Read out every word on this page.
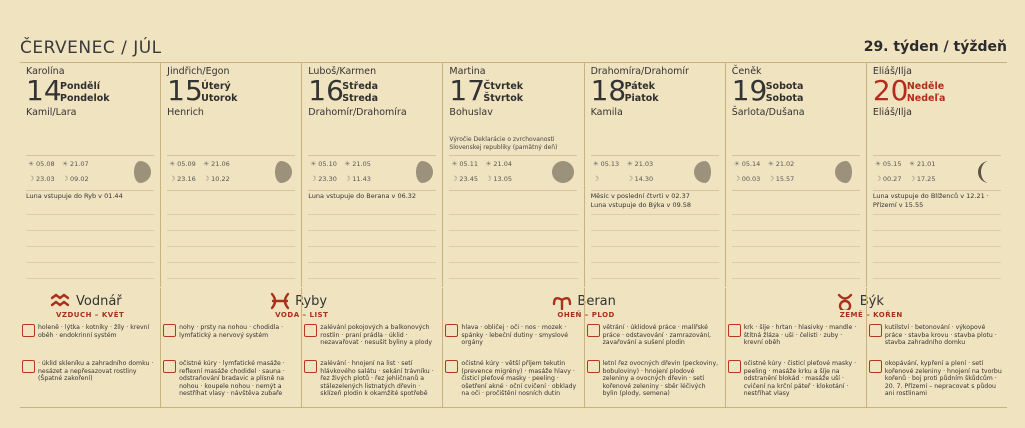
ČERVENEC / JÚL	29. týden / týždeň
Karolína
14
Pondělí
Pondelok
Kamil/Lara
☀ 05.08 ☀ 21.07
☽ 23.03 ☽ 09.02
Luna vstupuje do Ryb v 01.44
Jindřich/Egon
15
Úterý
Utorok
Henrich
☀ 05.09 ☀ 21.06
☽ 23.16 ☽ 10.22
Luboš/Karmen
16
Středa
Streda
Drahomír/Drahomíra
☀ 05.10 ☀ 21.05
☽ 23.30 ☽ 11.43
Luna vstupuje do Berana v 06.32
Martina
17
Čtvrtek
Štvrtok
Bohuslav
Výročie Deklarácie o zvrchovanosti Slovenskej republiky (pamätný deň)
☀ 05.11 ☀ 21.04
☽ 23.45 ☽ 13.05
Drahomíra/Drahomír
18
Pátek
Piatok
Kamila
☀ 05.13 ☀ 21.03
☽	☽ 14.30
Měsíc v poslední čtvrti v 02.37
Luna vstupuje do Býka v 09.58
Čeněk
19
Sobota
Sobota
Šarlota/Dušana
☀ 05.14 ☀ 21.02
☽ 00.03 ☽ 15.57
Eliáš/Ilja
20
Neděle
Nedeľa
Eliáš/Ilja
☀ 05.15 ☀ 21.01
☽ 00.27 ☽ 17.25
Luna vstupuje do Blíženců v 12.21 ·
Přízemí v 15.55
Vodnář
VZDUCH – KVĚT
holeně · lýtka · kotníky · žíly · krevní oběh · endokrinní systém
· úklid skleníku a zahradního domku · nesázet a nepřesazovat rostliny (Špatné zakoření)
Ryby
VODA – LIST
nohy · prsty na nohou · chodidla · lymfatický a nervový systém
očistné kúry · lymfatické masáže · reflexní masáže chodidel · sauna · odstraňování bradavic a plísně na nohou · koupele nohou · nemýt a nestříhat vlasy · návštěva zubaře
zalévání pokojových a balkonových rostlin · praní prádla · úklid · nezavařovat · nesušit byliny a plody
zalévání · hnojení na list · setí hlávkového salátu · sekání trávníku · řez živých plotů · řez jehličnanů a stálezelených listnatých dřevin · sklízeň plodin k okamžité spotřebě
Beran
OHEŇ – PLOD
hlava · obličej · oči · nos · mozek · spánky · lebeční dutiny · smyslové orgány
očistné kúry · větší příjem tekutin (prevence migrény) · masáže hlavy · čisticí pleťové masky · peeling · ošetření akné · oční cvičení · obklady na oči · pročištění nosních dutin
větrání · úklidové práce · malířské práce · odstavování · zamrazování, zavařování a sušení plodin
letní řez ovocných dřevin (peckoviny, bobuloviny) · hnojení plodové zeleniny a ovocných dřevin · setí kořenové zeleniny · sběr léčivých bylin (plody, semena)
Býk
ZEMĚ – KOŘEN
krk · šíje · hrtan · hlasivky · mandle · štítná žláza · uši · čelisti · zuby · krevní oběh
očistné kúry · čisticí pleťové masky · peeling · masáže krku a šíje na odstranění blokád · masáže uší · cvičení na krční páteř · klokotání · nestříhat vlasy
kutilství · betonování · výkopové práce · stavba krovu · stavba plotu · stavba zahradního domku
okopávání, kypření a plení · setí kořenové zeleniny · hnojení na tvorbu kořenů · boj proti půdním škůdcům · 20. 7. Přízemí – nepracovat s půdou ani rostlinami
